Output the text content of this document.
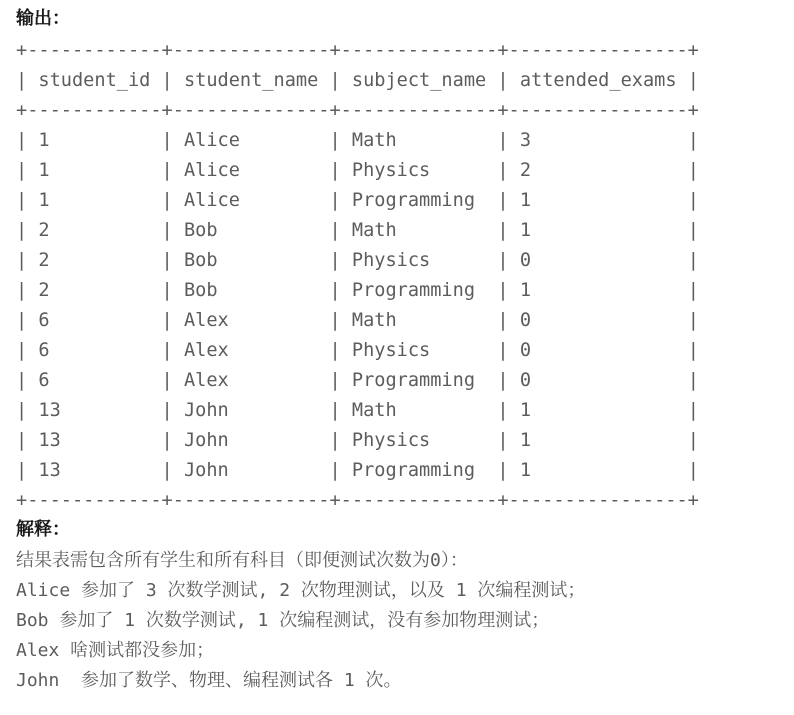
输出：
+------------+--------------+--------------+----------------+
| student_id | student_name | subject_name | attended_exams |
+------------+--------------+--------------+----------------+
| 1          | Alice        | Math         | 3              |
| 1          | Alice        | Physics      | 2              |
| 1          | Alice        | Programming  | 1              |
| 2          | Bob          | Math         | 1              |
| 2          | Bob          | Physics      | 0              |
| 2          | Bob          | Programming  | 1              |
| 6          | Alex         | Math         | 0              |
| 6          | Alex         | Physics      | 0              |
| 6          | Alex         | Programming  | 0              |
| 13         | John         | Math         | 1              |
| 13         | John         | Physics      | 1              |
| 13         | John         | Programming  | 1              |
+------------+--------------+--------------+----------------+

解释：
结果表需包含所有学生和所有科目（即便测试次数为0）：
Alice 参加了 3 次数学测试, 2 次物理测试，以及 1 次编程测试；
Bob 参加了 1 次数学测试, 1 次编程测试，没有参加物理测试；
Alex 啥测试都没参加；
John  参加了数学、物理、编程测试各 1 次。
